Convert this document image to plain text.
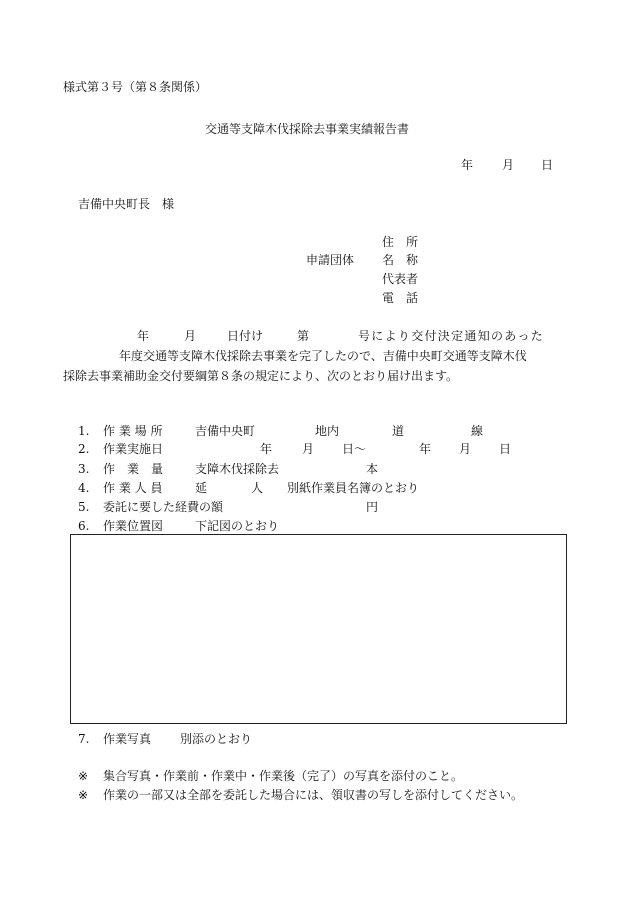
様式第３号（第８条関係）
交通等支障木伐採除去事業実績報告書
年 月 日
吉備中央町長　様
住　所
申請団体 名　称
代表者
電　話
年	月	日付け	第	号により交付決定通知のあった
年度交通等支障木伐採除去事業を完了したので、吉備中央町交通等支障木伐
採除去事業補助金交付要綱第８条の規定により、次のとおり届け出ます。
1. 作 業 場 所	吉備中央町	地内	道	線
2. 作業実施日	年 月 日～	年 月 日
3. 作　業　量	支障木伐採除去	本
4. 作 業 人 員	延	人 別紙作業員名簿のとおり
5. 委託に要した経費の額	円
6. 作業位置図	下記図のとおり
7. 作業写真 別添のとおり
※ 集合写真・作業前・作業中・作業後（完了）の写真を添付のこと。
※ 作業の一部又は全部を委託した場合には、領収書の写しを添付してください。
